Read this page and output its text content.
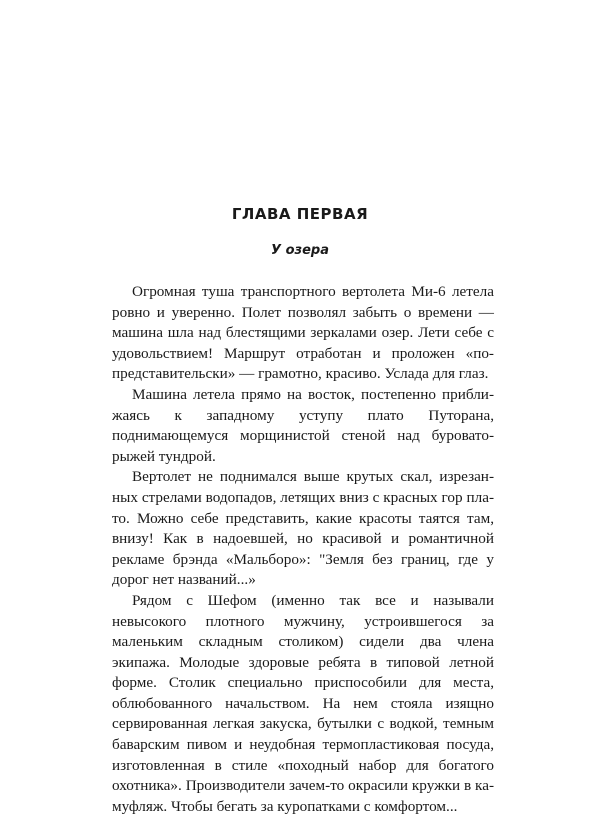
ГЛАВА ПЕРВАЯ
У озера

Огромная туша транспортного вертолета Ми-6 летела ровно и уверенно. Полет позволял забыть о времени — машина шла над блестящими зеркалами озер. Лети себе с удовольствием! Маршрут отработан и проложен «по-представительски» — грамотно, красиво. Услада для глаз.

Машина летела прямо на восток, постепенно приближаясь к западному уступу плато Путорана, поднимающемуся морщинистой стеной над буровато-рыжей тундрой.

Вертолет не поднимался выше крутых скал, изрезанных стрелами водопадов, летящих вниз с красных гор плато. Можно себе представить, какие красоты таятся там, внизу! Как в надоевшей, но красивой и романтичной рекламе брэнда «Мальборо»: "Земля без границ, где у дорог нет названий...»

Рядом с Шефом (именно так все и называли невысокого плотного мужчину, устроившегося за маленьким складным столиком) сидели два члена экипажа. Молодые здоровые ребята в типовой летной форме. Столик специально приспособили для места, облюбованного начальством. На нем стояла изящно сервированная легкая закуска, бутылки с водкой, темным баварским пивом и неудобная термопластиковая посуда, изготовленная в стиле «походный набор для богатого охотника». Производители зачем-то окрасили кружки в камуфляж. Чтобы бегать за куропатками с комфортом...
